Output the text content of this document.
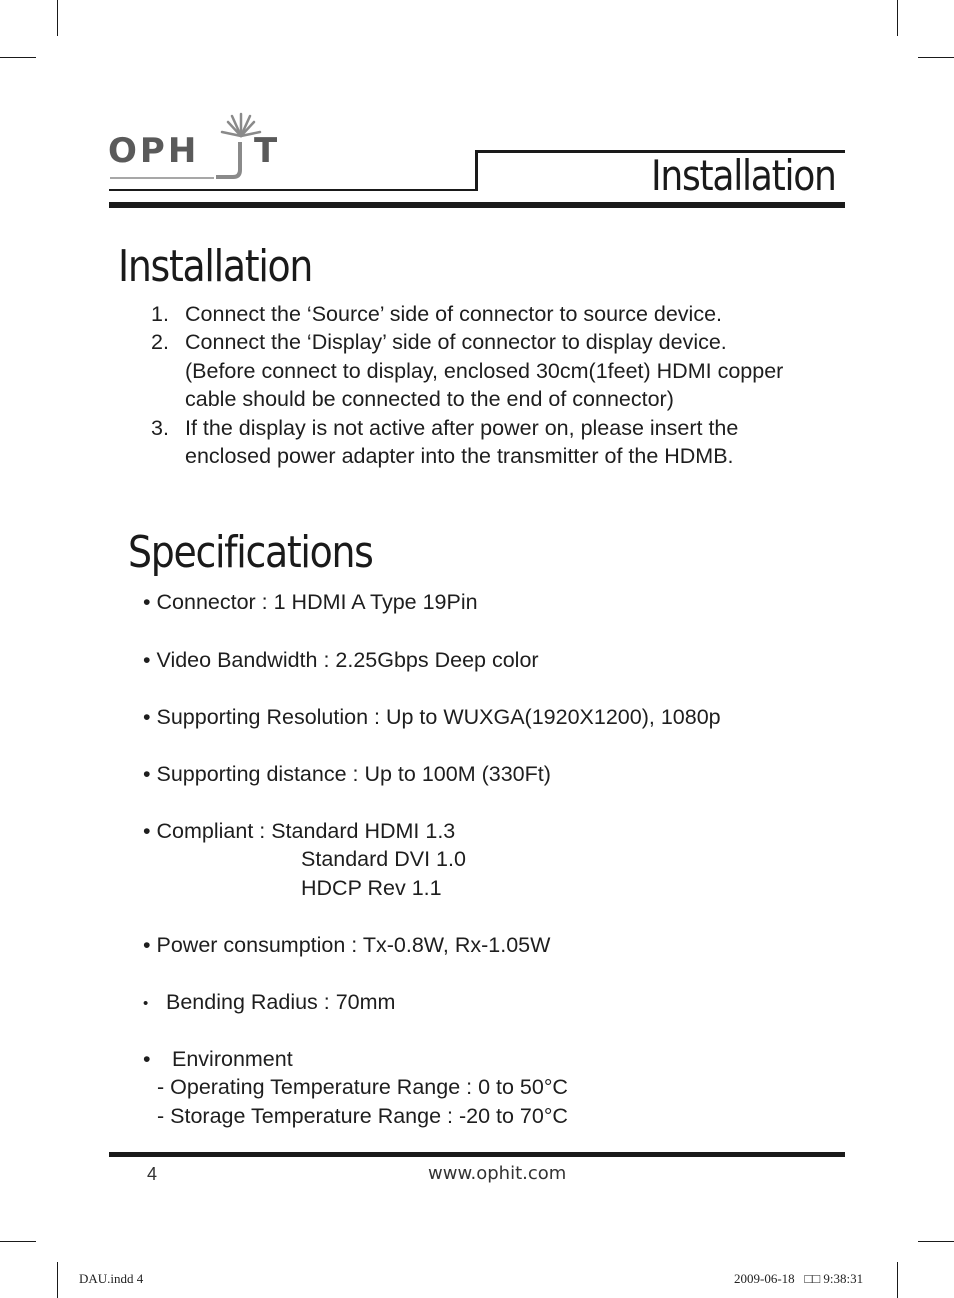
OPH T	Installation
Installation
1. Connect the ‘Source’ side of connector to source device.
2. Connect the ‘Display’ side of connector to display device.
(Before connect to display, enclosed 30cm(1feet) HDMI copper
cable should be connected to the end of connector)
3. If the display is not active after power on, please insert the
enclosed power adapter into the transmitter of the HDMB.
Specifications
• Connector : 1 HDMI A Type 19Pin
• Video Bandwidth : 2.25Gbps Deep color
• Supporting Resolution : Up to WUXGA(1920X1200), 1080p
• Supporting distance : Up to 100M (330Ft)
• Compliant : Standard HDMI 1.3
Standard DVI 1.0
HDCP Rev 1.1
• Power consumption : Tx-0.8W, Rx-1.05W
• Bending Radius : 70mm
• Environment
- Operating Temperature Range : 0 to 50°C
- Storage Temperature Range : -20 to 70°C
4	www.ophit.com
DAU.indd 4	2009-06-18   □□ 9:38:31
